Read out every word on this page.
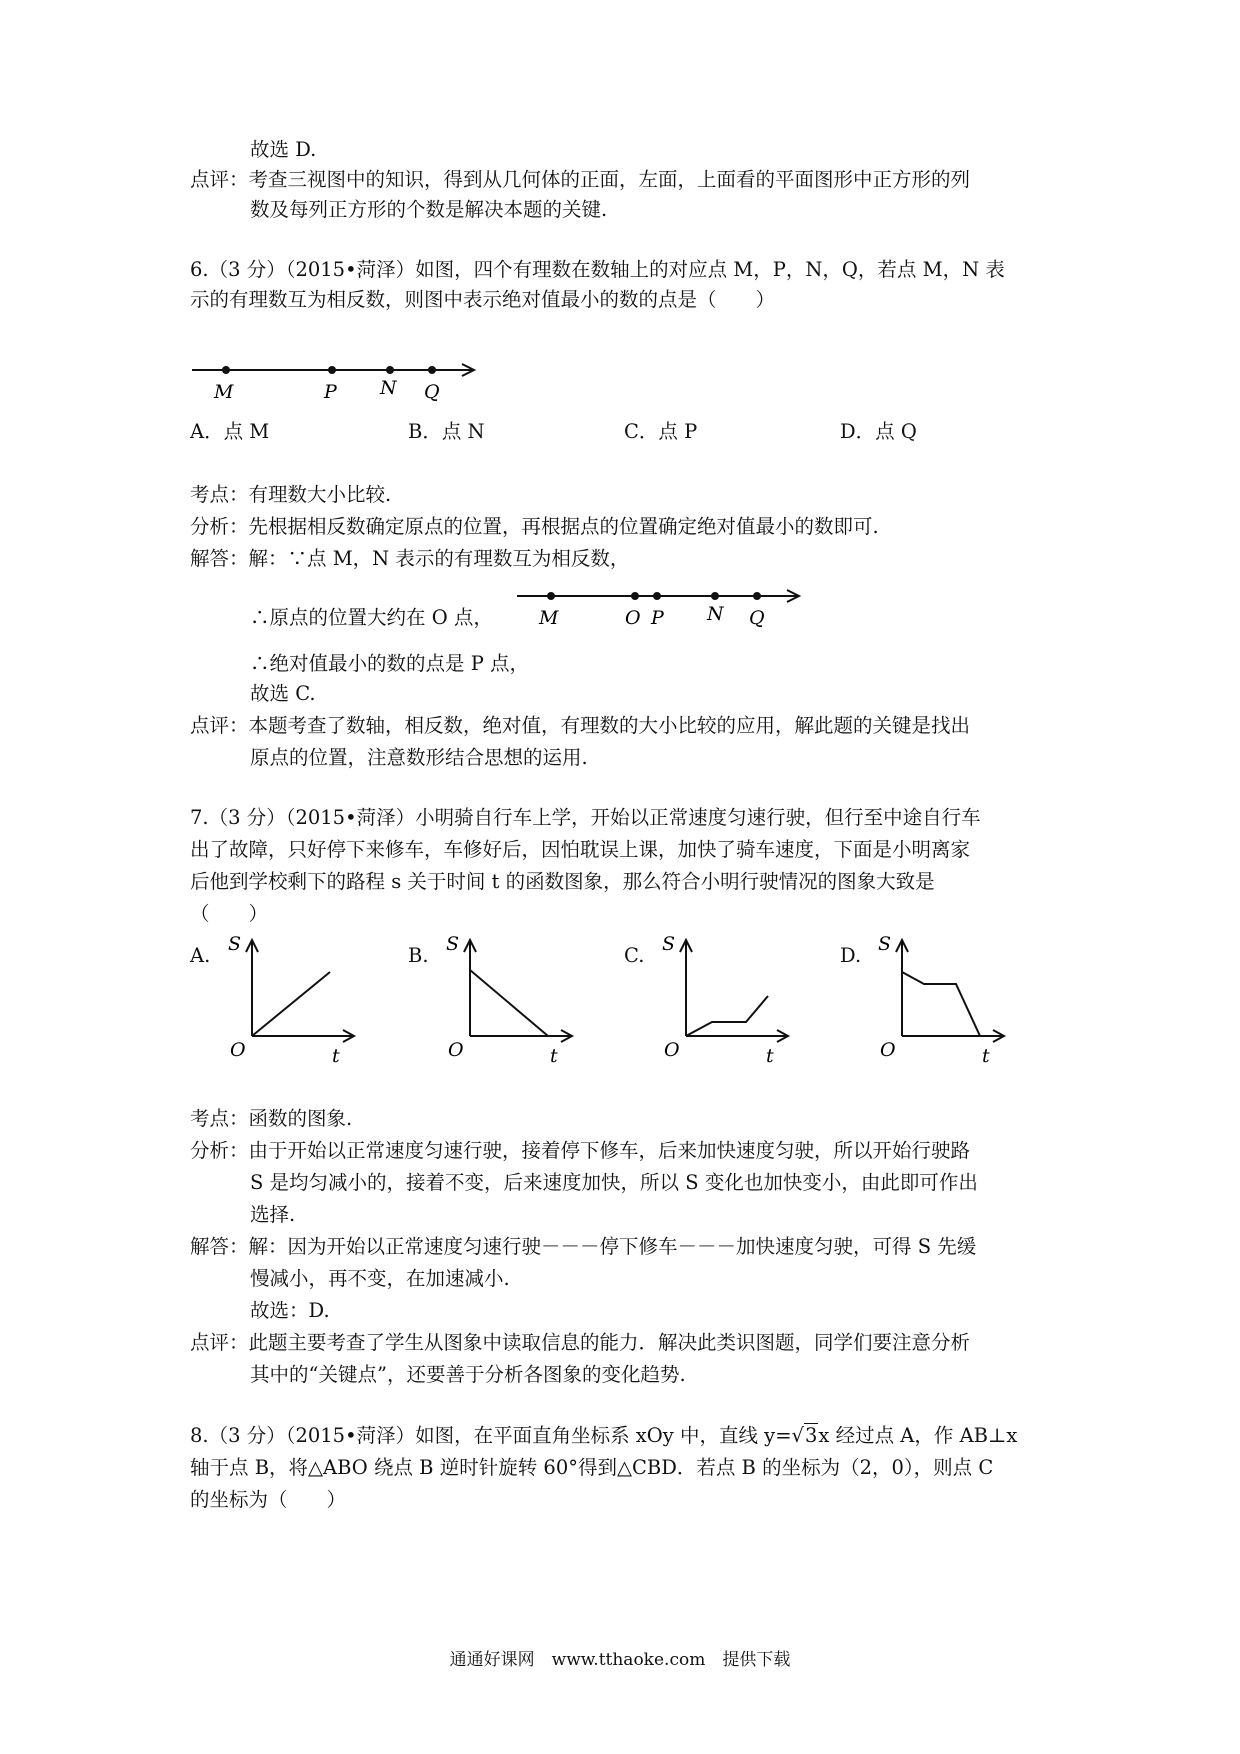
故选 D.
点评：考查三视图中的知识，得到从几何体的正面，左面，上面看的平面图形中正方形的列
数及每列正方形的个数是解决本题的关键.
6.（3 分）（2015•菏泽）如图，四个有理数在数轴上的对应点 M，P，N，Q，若点 M，N 表
示的有理数互为相反数，则图中表示绝对值最小的数的点是（　　）
M	P N Q
A．点 M	B．点 N	C．点 P	D．点 Q
考点：有理数大小比较.
分析：先根据相反数确定原点的位置，再根据点的位置确定绝对值最小的数即可.
解答：解：∵点 M，N 表示的有理数互为相反数，
∴原点的位置大约在 O 点， M	O P N Q
∴绝对值最小的数的点是 P 点，
故选 C.
点评：本题考查了数轴，相反数，绝对值，有理数的大小比较的应用，解此题的关键是找出
原点的位置，注意数形结合思想的运用.
7.（3 分）（2015•菏泽）小明骑自行车上学，开始以正常速度匀速行驶，但行至中途自行车
出了故障，只好停下来修车，车修好后，因怕耽误上课，加快了骑车速度，下面是小明离家
后他到学校剩下的路程 s 关于时间 t 的函数图象，那么符合小明行驶情况的图象大致是
（　　）
A. S
O	t
B. S
O	t
C. S
O	t
D. S
O	t
考点：函数的图象.
分析：由于开始以正常速度匀速行驶，接着停下修车，后来加快速度匀驶，所以开始行驶路
S 是均匀减小的，接着不变，后来速度加快，所以 S 变化也加快变小，由此即可作出
选择.
解答：解：因为开始以正常速度匀速行驶－－－停下修车－－－加快速度匀驶，可得 S 先缓
慢减小，再不变，在加速减小.
故选：D.
点评：此题主要考查了学生从图象中读取信息的能力．解决此类识图题，同学们要注意分析
其中的“关键点”，还要善于分析各图象的变化趋势.
8.（3 分）（2015•菏泽）如图，在平面直角坐标系 xOy 中，直线 y=√3x 经过点 A，作 AB⊥x
轴于点 B，将△ABO 绕点 B 逆时针旋转 60°得到△CBD．若点 B 的坐标为（2，0），则点 C
的坐标为（　　）
通通好课网　www.tthaoke.com　提供下载
